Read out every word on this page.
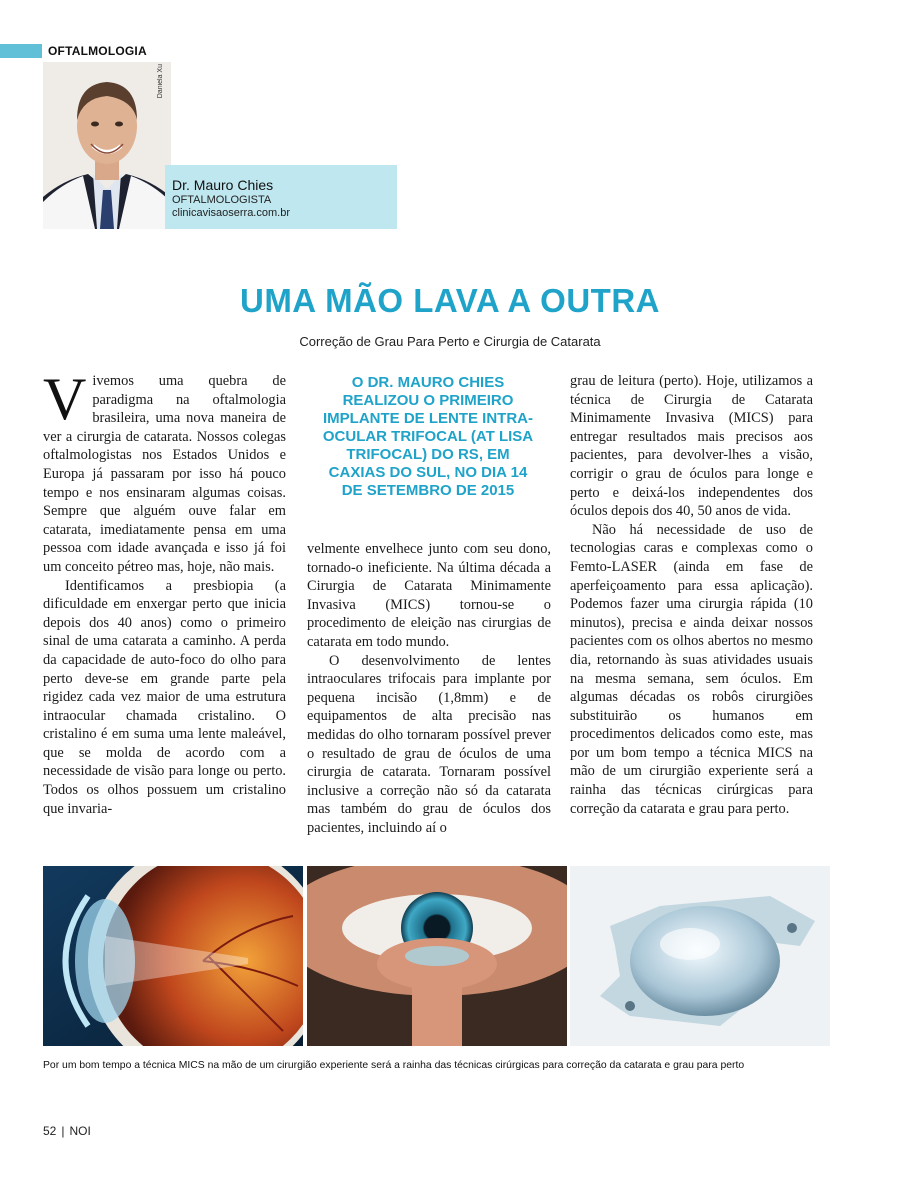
OFTALMOLOGIA
Daniela Xu
Dr. Mauro Chies
OFTALMOLOGISTA
clinicavisaoserra.com.br
UMA MÃO LAVA A OUTRA
Correção de Grau Para Perto e Cirurgia de Catarata

Vivemos uma quebra de paradigma na oftalmologia brasileira, uma nova maneira de ver a cirurgia de catarata. Nossos colegas oftalmologistas nos Estados Unidos e Europa já passaram por isso há pouco tempo e nos ensinaram algumas coisas. Sempre que alguém ouve falar em catarata, imediatamente pensa em uma pessoa com idade avançada e isso já foi um conceito pétreo mas, hoje, não mais.

Identificamos a presbiopia (a dificuldade em enxergar perto que inicia depois dos 40 anos) como o primeiro sinal de uma catarata a caminho. A perda da capacidade de auto-foco do olho para perto deve-se em grande parte pela rigidez cada vez maior de uma estrutura intraocular chamada cristalino. O cristalino é em suma uma lente maleável, que se molda de acordo com a necessidade de visão para longe ou perto. Todos os olhos possuem um cristalino que invaria-

O DR. MAURO CHIES REALIZOU O PRIMEIRO IMPLANTE DE LENTE INTRA-OCULAR TRIFOCAL (AT LISA TRIFOCAL) DO RS, EM CAXIAS DO SUL, NO DIA 14 DE SETEMBRO DE 2015

velmente envelhece junto com seu dono, tornado-o ineficiente. Na última década a Cirurgia de Catarata Minimamente Invasiva (MICS) tornou-se o procedimento de eleição nas cirurgias de catarata em todo mundo.

O desenvolvimento de lentes intraoculares trifocais para implante por pequena incisão (1,8mm) e de equipamentos de alta precisão nas medidas do olho tornaram possível prever o resultado de grau de óculos de uma cirurgia de catarata. Tornaram possível inclusive a correção não só da catarata mas também do grau de óculos dos pacientes, incluindo aí o

grau de leitura (perto). Hoje, utilizamos a técnica de Cirurgia de Catarata Minimamente Invasiva (MICS) para entregar resultados mais precisos aos pacientes, para devolver-lhes a visão, corrigir o grau de óculos para longe e perto e deixá-los independentes dos óculos depois dos 40, 50 anos de vida.

Não há necessidade de uso de tecnologias caras e complexas como o Femto-LASER (ainda em fase de aperfeiçoamento para essa aplicação). Podemos fazer uma cirurgia rápida (10 minutos), precisa e ainda deixar nossos pacientes com os olhos abertos no mesmo dia, retornando às suas atividades usuais na mesma semana, sem óculos. Em algumas décadas os robôs cirurgiões substituirão os humanos em procedimentos delicados como este, mas por um bom tempo a técnica MICS na mão de um cirurgião experiente será a rainha das técnicas cirúrgicas para correção da catarata e grau para perto.

Por um bom tempo a técnica MICS na mão de um cirurgião experiente será a rainha das técnicas cirúrgicas para correção da catarata e grau para perto
52 | NOI
